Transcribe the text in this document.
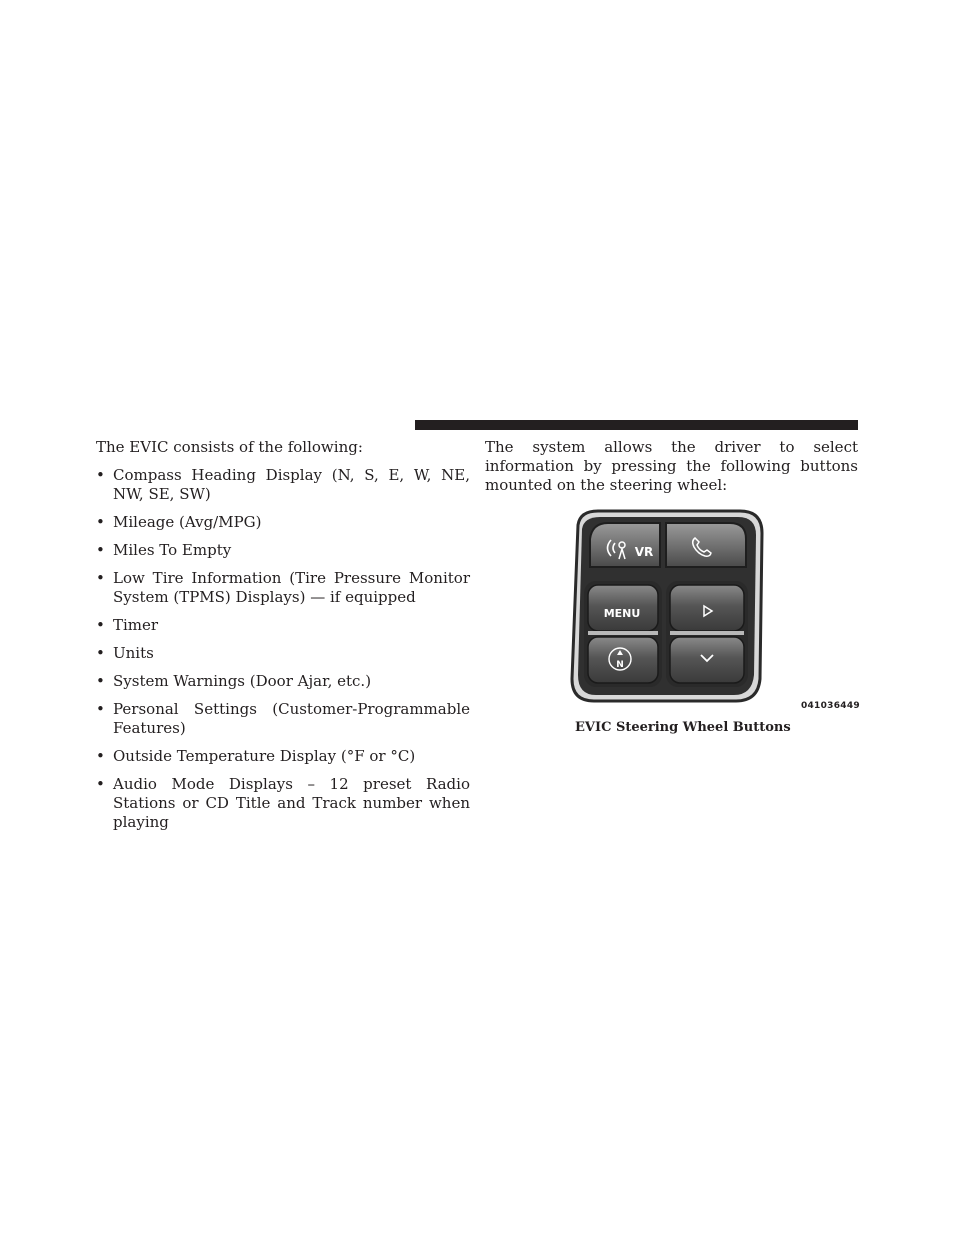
The EVIC consists of the following:

• Compass Heading Display (N, S, E, W, NE, NW, SE, SW)
• Mileage (Avg/MPG)
• Miles To Empty
• Low Tire Information (Tire Pressure Monitor System (TPMS) Displays) — if equipped
• Timer
• Units
• System Warnings (Door Ajar, etc.)
• Personal Settings (Customer-Programmable Features)
• Outside Temperature Display (°F or °C)
• Audio Mode Displays – 12 preset Radio Stations or CD Title and Track number when playing

The system allows the driver to select information by pressing the following buttons mounted on the steering wheel:

VR
MENU
N
041036449
EVIC Steering Wheel Buttons
